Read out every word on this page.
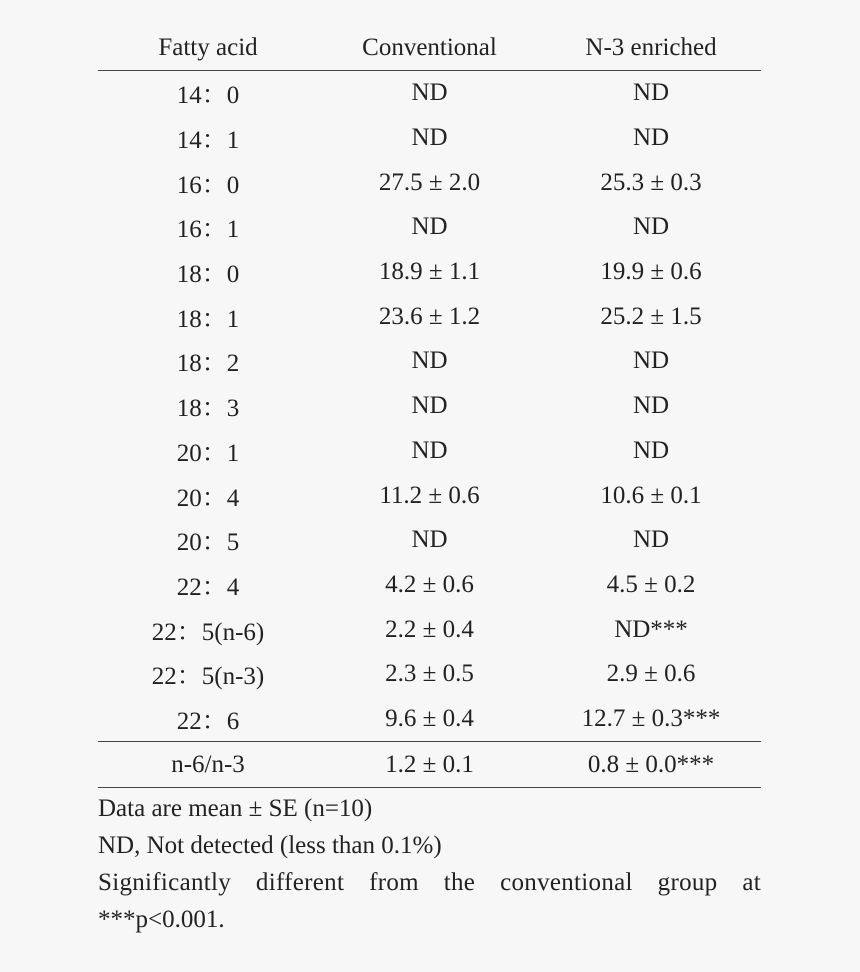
Fatty acid	Conventional	N-3 enriched
14：0	ND	ND
14：1	ND	ND
16：0	27.5 ± 2.0	25.3 ± 0.3
16：1	ND	ND
18：0	18.9 ± 1.1	19.9 ± 0.6
18：1	23.6 ± 1.2	25.2 ± 1.5
18：2	ND	ND
18：3	ND	ND
20：1	ND	ND
20：4	11.2 ± 0.6	10.6 ± 0.1
20：5	ND	ND
22：4	4.2 ± 0.6	4.5 ± 0.2
22：5(n-6)	2.2 ± 0.4	ND***
22：5(n-3)	2.3 ± 0.5	2.9 ± 0.6
22：6	9.6 ± 0.4	12.7 ± 0.3***
n-6/n-3	1.2 ± 0.1	0.8 ± 0.0***
Data are mean ± SE (n=10)
ND, Not detected (less than 0.1%)
Significantly different from the conventional group at
***p<0.001.
